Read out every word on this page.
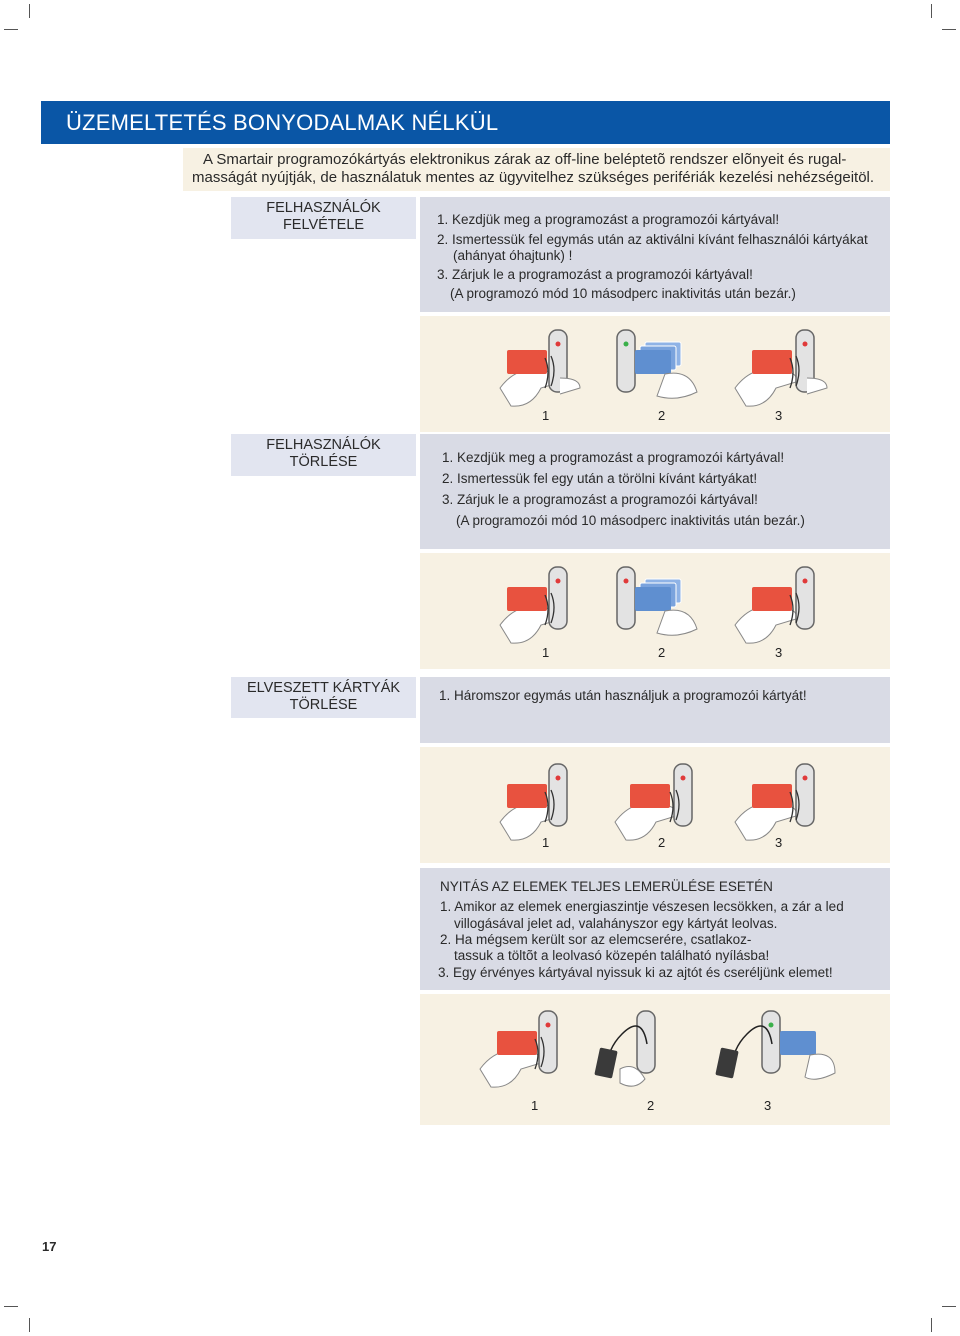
ÜZEMELTETÉS BONYODALMAK NÉLKÜL
A Smartair programozókártyás elektronikus zárak az off-line beléptetõ rendszer elõnyeit és rugal-
masságát nyújtják, de használatuk mentes az ügyvitelhez szükséges perifériák kezelési nehézségeitöl.
FELHASZNÁLÓK
FELVÉTELE	1. Kezdjük meg a programozást a programozói kártyával!
2. Ismertessük fel egymás után az aktiválni kívánt felhasználói kártyákat
(ahányat óhajtunk) !
3. Zárjuk le a programozást a programozói kártyával!
(A programozó mód 10 másodperc inaktivitás után bezár.)
1	2	3
FELHASZNÁLÓK
TÖRLÉSE	1. Kezdjük meg a programozást a programozói kártyával!
2. Ismertessük fel egy után a törölni kívánt kártyákat!
3. Zárjuk le a programozást a programozói kártyával!
(A programozói mód 10 másodperc inaktivitás után bezár.)
1	2	3
ELVESZETT KÁRTYÁK
TÖRLÉSE
1. Háromszor egymás után használjuk a programozói kártyát!
1	2	3
NYITÁS AZ ELEMEK TELJES LEMERÜLÉSE ESETÉN
1. Amikor az elemek energiaszintje vészesen lecsökken, a zár a led
villogásával jelet ad, valahányszor egy kártyát leolvas.
2. Ha mégsem került sor az elemcserére, csatlakoz-
tassuk a töltõt a leolvasó közepén található nyílásba!
3. Egy érvényes kártyával nyissuk ki az ajtót és cseréljünk elemet!
1	2	3
17
